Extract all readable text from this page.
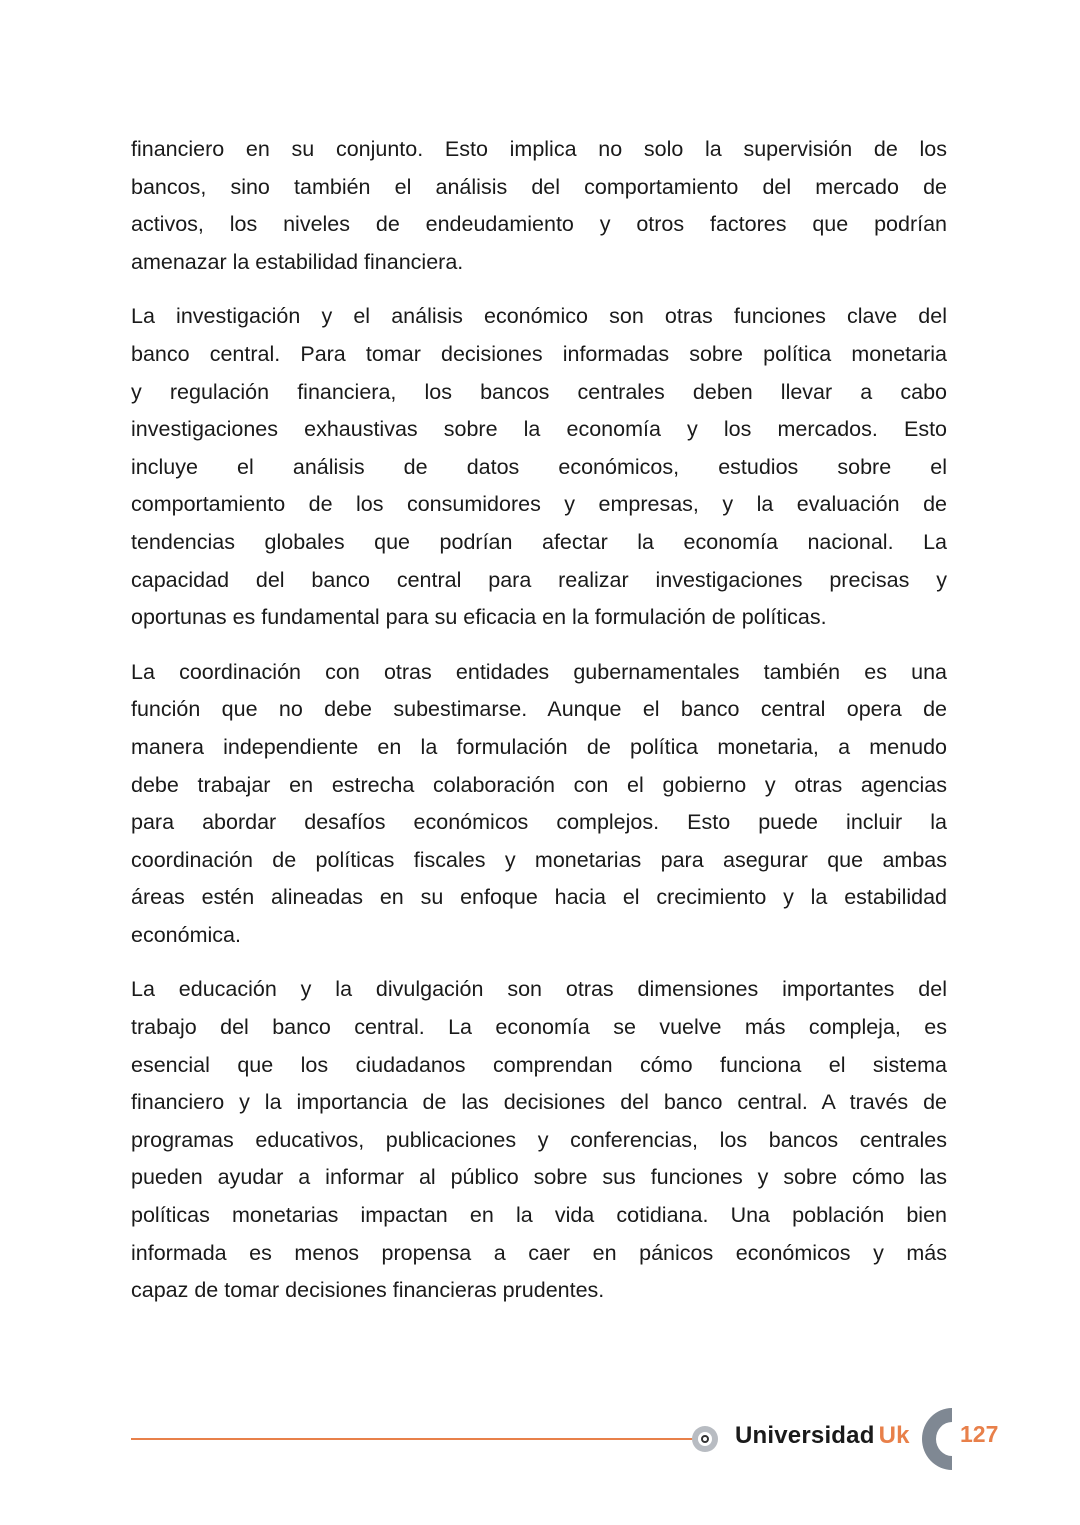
financiero en su conjunto. Esto implica no solo la supervisión de los
bancos, sino también el análisis del comportamiento del mercado de
activos, los niveles de endeudamiento y otros factores que podrían
amenazar la estabilidad financiera.

La investigación y el análisis económico son otras funciones clave del
banco central. Para tomar decisiones informadas sobre política monetaria
y regulación financiera, los bancos centrales deben llevar a cabo
investigaciones exhaustivas sobre la economía y los mercados. Esto
incluye el análisis de datos económicos, estudios sobre el
comportamiento de los consumidores y empresas, y la evaluación de
tendencias globales que podrían afectar la economía nacional. La
capacidad del banco central para realizar investigaciones precisas y
oportunas es fundamental para su eficacia en la formulación de políticas.

La coordinación con otras entidades gubernamentales también es una
función que no debe subestimarse. Aunque el banco central opera de
manera independiente en la formulación de política monetaria, a menudo
debe trabajar en estrecha colaboración con el gobierno y otras agencias
para abordar desafíos económicos complejos. Esto puede incluir la
coordinación de políticas fiscales y monetarias para asegurar que ambas
áreas estén alineadas en su enfoque hacia el crecimiento y la estabilidad
económica.

La educación y la divulgación son otras dimensiones importantes del
trabajo del banco central. La economía se vuelve más compleja, es
esencial que los ciudadanos comprendan cómo funciona el sistema
financiero y la importancia de las decisiones del banco central. A través de
programas educativos, publicaciones y conferencias, los bancos centrales
pueden ayudar a informar al público sobre sus funciones y sobre cómo las
políticas monetarias impactan en la vida cotidiana. Una población bien
informada es menos propensa a caer en pánicos económicos y más
capaz de tomar decisiones financieras prudentes.

Universidad Uk 127
